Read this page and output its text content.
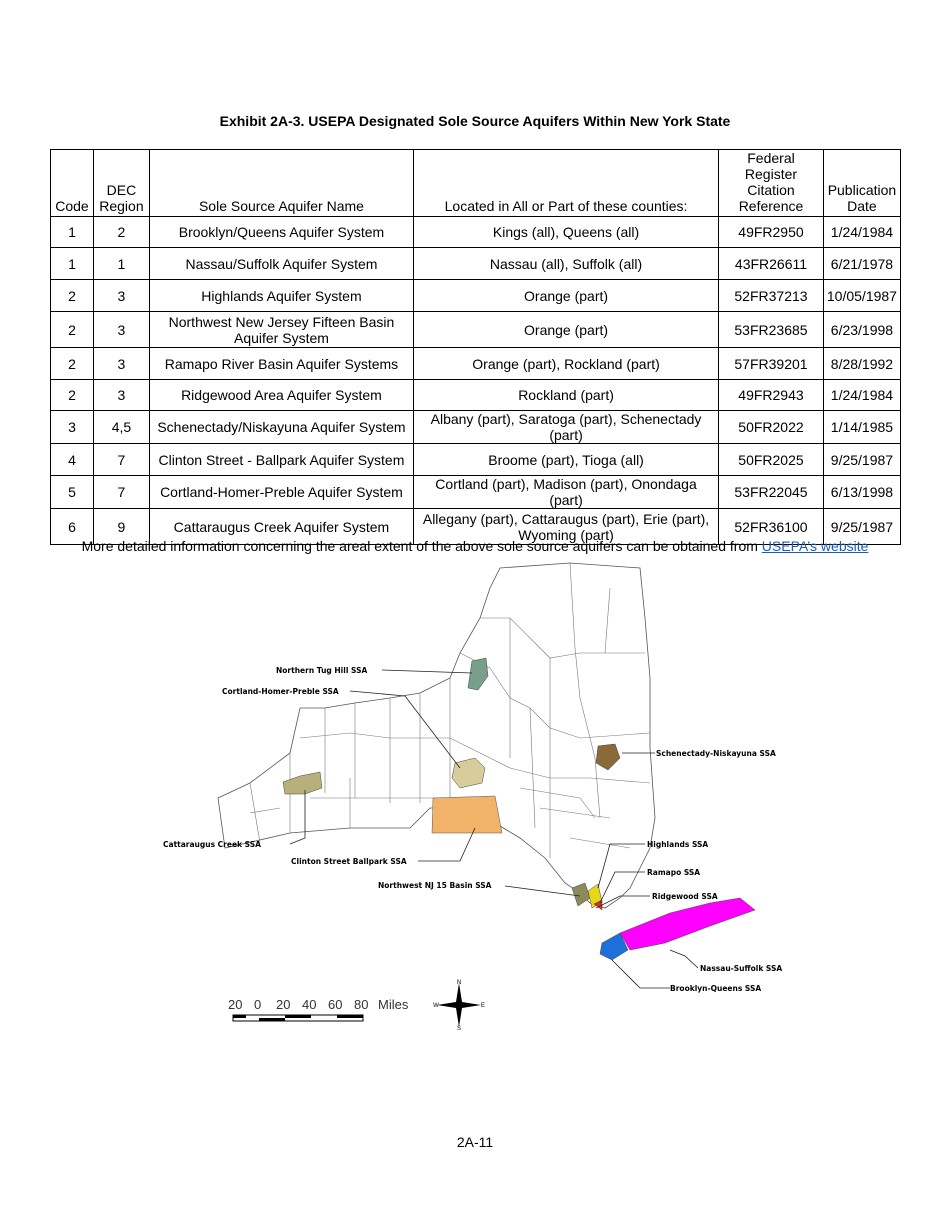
Exhibit 2A-3. USEPA Designated Sole Source Aquifers Within New York State
Code	DEC Region	Sole Source Aquifer Name	Located in All or Part of these counties:	Federal Register Citation Reference	Publication Date
1	2	Brooklyn/Queens Aquifer System	Kings (all), Queens (all)	49FR2950	1/24/1984
1	1	Nassau/Suffolk Aquifer System	Nassau (all), Suffolk (all)	43FR26611	6/21/1978
2	3	Highlands Aquifer System	Orange (part)	52FR37213	10/05/1987
2	3	Northwest New Jersey Fifteen Basin Aquifer System	Orange (part)	53FR23685	6/23/1998
2	3	Ramapo River Basin Aquifer Systems	Orange (part), Rockland (part)	57FR39201	8/28/1992
2	3	Ridgewood Area Aquifer System	Rockland (part)	49FR2943	1/24/1984
3	4,5	Schenectady/Niskayuna Aquifer System	Albany (part), Saratoga (part), Schenectady (part)	50FR2022	1/14/1985
4	7	Clinton Street - Ballpark Aquifer System	Broome (part), Tioga (all)	50FR2025	9/25/1987
5	7	Cortland-Homer-Preble Aquifer System	Cortland (part), Madison (part), Onondaga (part)	53FR22045	6/13/1998
6	9	Cattaraugus Creek Aquifer System	Allegany (part), Cattaraugus (part), Erie (part), Wyoming (part)	52FR36100	9/25/1987
More detailed information concerning the areal extent of the above sole source aquifers can be obtained from USEPA’s website
Northern Tug Hill SSA
Cortland-Homer-Preble SSA
Schenectady-Niskayuna SSA
Cattaraugus Creek SSA
Clinton Street Ballpark SSA
Highlands SSA
Ramapo SSA
Northwest NJ 15 Basin SSA
Ridgewood SSA
Nassau-Suffolk SSA
Brooklyn-Queens SSA
20 0	20 40 60 80 Miles
N
S
E
W
2A-11
